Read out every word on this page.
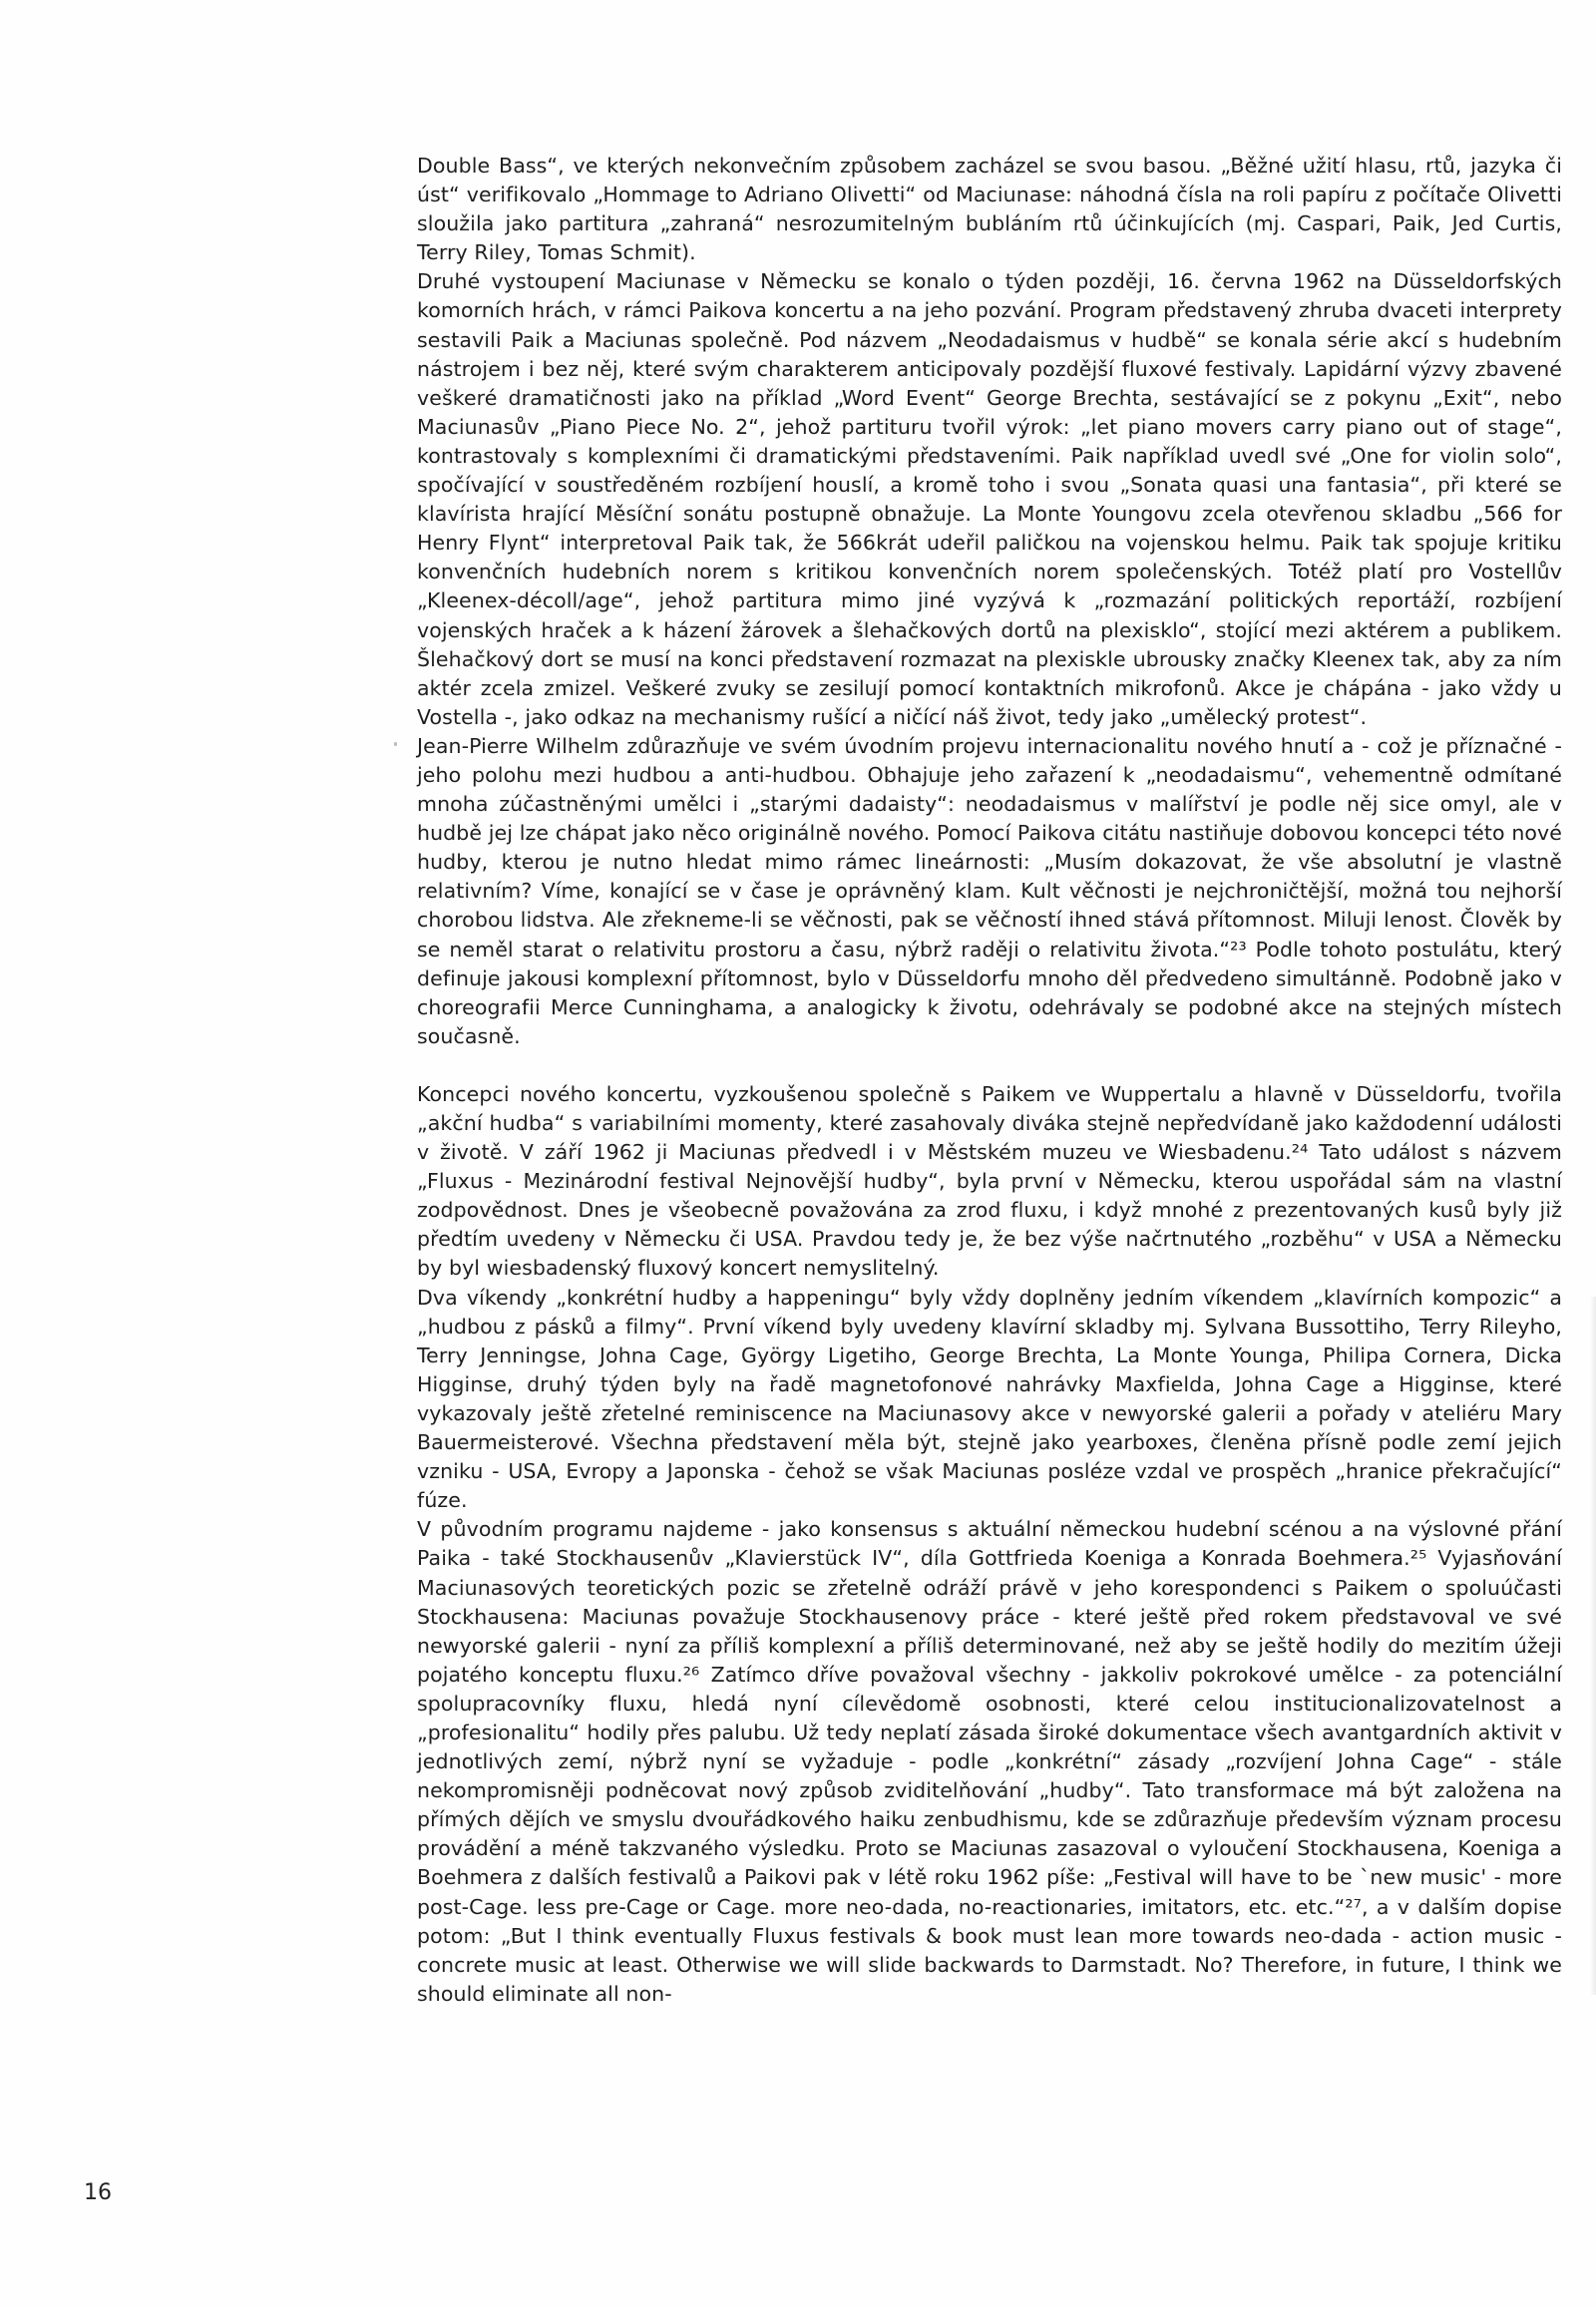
Double Bass“, ve kterých nekonvečním způsobem zacházel se svou basou. „Běžné užití hlasu, rtů, jazyka či úst“ verifikovalo „Hommage to Adriano Olivetti“ od Maciunase: náhodná čísla na roli papíru z počítače Olivetti sloužila jako partitura „zahraná“ nesrozumitelným bubláním rtů účinkujících (mj. Caspari, Paik, Jed Curtis, Terry Riley, Tomas Schmit).

Druhé vystoupení Maciunase v Německu se konalo o týden později, 16. června 1962 na Düsseldorfských komorních hrách, v rámci Paikova koncertu a na jeho pozvání. Program představený zhruba dvaceti interprety sestavili Paik a Maciunas společně. Pod názvem „Neodadaismus v hudbě“ se konala série akcí s hudebním nástrojem i bez něj, které svým charakterem anticipovaly pozdější fluxové festivaly. Lapidární výzvy zbavené veškeré dramatičnosti jako na příklad „Word Event“ George Brechta, sestávající se z pokynu „Exit“, nebo Maciunasův „Piano Piece No. 2“, jehož partituru tvořil výrok: „let piano movers carry piano out of stage“, kontrastovaly s komplexními či dramatickými představeními. Paik například uvedl své „One for violin solo“, spočívající v soustředěném rozbíjení houslí, a kromě toho i svou „Sonata quasi una fantasia“, při které se klavírista hrající Měsíční sonátu postupně obnažuje. La Monte Youngovu zcela otevřenou skladbu „566 for Henry Flynt“ interpretoval Paik tak, že 566krát udeřil paličkou na vojenskou helmu. Paik tak spojuje kritiku konvenčních hudebních norem s kritikou konvenčních norem společenských. Totéž platí pro Vostellův „Kleenex-décoll/age“, jehož partitura mimo jiné vyzývá k „rozmazání politických reportáží, rozbíjení vojenských hraček a k házení žárovek a šlehačkových dortů na plexisklo“, stojící mezi aktérem a publikem. Šlehačkový dort se musí na konci představení rozmazat na plexiskle ubrousky značky Kleenex tak, aby za ním aktér zcela zmizel. Veškeré zvuky se zesilují pomocí kontaktních mikrofonů. Akce je chápána - jako vždy u Vostella -, jako odkaz na mechanismy rušící a ničící náš život, tedy jako „umělecký protest“.

Jean-Pierre Wilhelm zdůrazňuje ve svém úvodním projevu internacionalitu nového hnutí a - což je příznačné - jeho polohu mezi hudbou a anti-hudbou. Obhajuje jeho zařazení k „neodadaismu“, vehementně odmítané mnoha zúčastněnými umělci i „starými dadaisty“: neodadaismus v malířství je podle něj sice omyl, ale v hudbě jej lze chápat jako něco originálně nového. Pomocí Paikova citátu nastiňuje dobovou koncepci této nové hudby, kterou je nutno hledat mimo rámec lineárnosti: „Musím dokazovat, že vše absolutní je vlastně relativním? Víme, konající se v čase je oprávněný klam. Kult věčnosti je nejchroničtější, možná tou nejhorší chorobou lidstva. Ale zřekneme-li se věčnosti, pak se věčností ihned stává přítomnost. Miluji lenost. Člověk by se neměl starat o relativitu prostoru a času, nýbrž raději o relativitu života.“²³ Podle tohoto postulátu, který definuje jakousi komplexní přítomnost, bylo v Düsseldorfu mnoho děl předvedeno simultánně. Podobně jako v choreografii Merce Cunninghama, a analogicky k životu, odehrávaly se podobné akce na stejných místech současně.

Koncepci nového koncertu, vyzkoušenou společně s Paikem ve Wuppertalu a hlavně v Düsseldorfu, tvořila „akční hudba“ s variabilními momenty, které zasahovaly diváka stejně nepředvídaně jako každodenní události v životě. V září 1962 ji Maciunas předvedl i v Městském muzeu ve Wiesbadenu.²⁴ Tato událost s názvem „Fluxus - Mezinárodní festival Nejnovější hudby“, byla první v Německu, kterou uspořádal sám na vlastní zodpovědnost. Dnes je všeobecně považována za zrod fluxu, i když mnohé z prezentovaných kusů byly již předtím uvedeny v Německu či USA. Pravdou tedy je, že bez výše načrtnutého „rozběhu“ v USA a Německu by byl wiesbadenský fluxový koncert nemyslitelný.

Dva víkendy „konkrétní hudby a happeningu“ byly vždy doplněny jedním víkendem „klavírních kompozic“ a „hudbou z pásků a filmy“. První víkend byly uvedeny klavírní skladby mj. Sylvana Bussottiho, Terry Rileyho, Terry Jenningse, Johna Cage, György Ligetiho, George Brechta, La Monte Younga, Philipa Cornera, Dicka Higginse, druhý týden byly na řadě magnetofonové nahrávky Maxfielda, Johna Cage a Higginse, které vykazovaly ještě zřetelné reminiscence na Maciunasovy akce v newyorské galerii a pořady v ateliéru Mary Bauermeisterové. Všechna představení měla být, stejně jako yearboxes, členěna přísně podle zemí jejich vzniku - USA, Evropy a Japonska - čehož se však Maciunas posléze vzdal ve prospěch „hranice překračující“ fúze.

V původním programu najdeme - jako konsensus s aktuální německou hudební scénou a na výslovné přání Paika - také Stockhausenův „Klavierstück IV“, díla Gottfrieda Koeniga a Konrada Boehmera.²⁵ Vyjasňování Maciunasových teoretických pozic se zřetelně odráží právě v jeho korespondenci s Paikem o spoluúčasti Stockhausena: Maciunas považuje Stockhausenovy práce - které ještě před rokem představoval ve své newyorské galerii - nyní za příliš komplexní a příliš determinované, než aby se ještě hodily do mezitím úžeji pojatého konceptu fluxu.²⁶ Zatímco dříve považoval všechny - jakkoliv pokrokové umělce - za potenciální spolupracovníky fluxu, hledá nyní cílevědomě osobnosti, které celou institucionalizovatelnost a „profesionalitu“ hodily přes palubu. Už tedy neplatí zásada široké dokumentace všech avantgardních aktivit v jednotlivých zemí, nýbrž nyní se vyžaduje - podle „konkrétní“ zásady „rozvíjení Johna Cage“ - stále nekompromisněji podněcovat nový způsob zviditelňování „hudby“. Tato transformace má být založena na přímých dějích ve smyslu dvouřádkového haiku zenbudhismu, kde se zdůrazňuje především význam procesu provádění a méně takzvaného výsledku. Proto se Maciunas zasazoval o vyloučení Stockhausena, Koeniga a Boehmera z dalších festivalů a Paikovi pak v létě roku 1962 píše: „Festival will have to be `new music' - more post-Cage. less pre-Cage or Cage. more neo-dada, no-reactionaries, imitators, etc. etc.“²⁷, a v dalším dopise potom: „But I think eventually Fluxus festivals & book must lean more towards neo-dada - action music - concrete music at least. Otherwise we will slide backwards to Darmstadt. No? Therefore, in future, I think we should eliminate all non-

16
